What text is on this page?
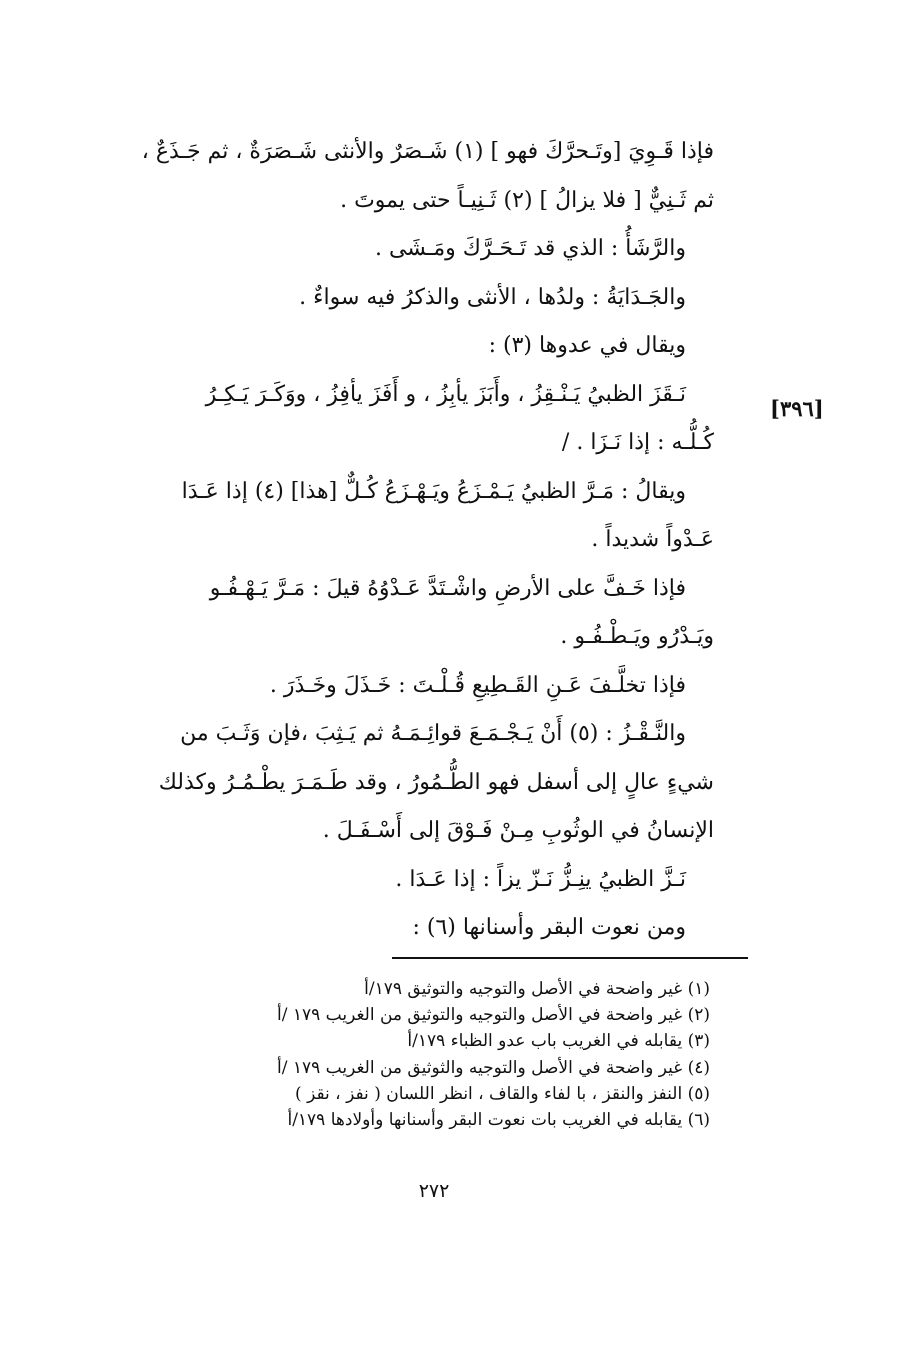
فإذا قَـوِيَ [وتَـحرَّكَ فهو ] (١) شَـصَرٌ والأنثى شَـصَرَةٌ ، ثم جَـذَعٌ ،

ثم ثَـنِيٌّ [ فلا يزالُ ] (٢) ثَـنِيـاً حتى يموتَ .

والرَّشَأُ : الذي قد تَـحَـرَّكَ ومَـشَى .

والجَـدَايَةُ : ولدُها ، الأنثى والذكرُ فيه سواءٌ .

ويقال في عدوها (٣) :

نَـقَزَ الظبيُ يَـنْـقِزُ ، وأَبَزَ يأبِزُ ، و أَفَزَ يأفِزُ ، ووَكَـرَ يَـكِـرُ

كُـلُّـه : إذا نَـزَا . /

ويقالُ : مَـرَّ الظبيُ يَـمْـزَعُ ويَـهْـزَعُ كُـلٌّ [هذا] (٤) إذا عَـدَا

عَـدْواً شديداً .

فإذا خَـفَّ على الأرضِ واشْـتَدَّ عَـدْوُهُ قيلَ : مَـرَّ يَـهْـفُـو

ويَـدْرُو ويَـطْـفُـو .

فإذا تخلَّـفَ عَـنِ القَـطِيعِ قُـلْـتَ : خَـذَلَ وخَـذَرَ .

والنَّـقْـزُ : (٥) أَنْ يَـجْـمَـعَ قوائِـمَـهُ ثم يَـثِبَ ،فإن وَثَـبَ من

شيءٍ عالٍ إلى أسفل فهو الطُّـمُورُ ، وقد طَـمَـرَ يطْـمُـرُ وكذلك

الإنسانُ في الوثُوبِ مِـنْ فَـوْقَ إلى أَسْـفَـلَ .

نَـزَّ الظبيُ ينِـزُّ نَـزّ يزاً : إذا عَـدَا .

ومن نعوت البقر وأسنانها (٦) :

[٣٩٦]

(١) غير واضحة في الأصل والتوجيه والتوثيق ١٧٩/أ

(٢) غير واضحة في الأصل والتوجيه والتوثيق من الغريب ١٧٩ /أ

(٣) يقابله في الغريب باب عدو الظباء ١٧٩/أ

(٤) غير واضحة في الأصل والتوجيه والثوثيق من الغريب ١٧٩ /أ

(٥) النفز والنقز ، با لفاء والقاف ، انظر اللسان ( نفز ، نقز )

(٦) يقابله في الغريب بات نعوت البقر وأسنانها وأولادها ١٧٩/أ

٢٧٢
